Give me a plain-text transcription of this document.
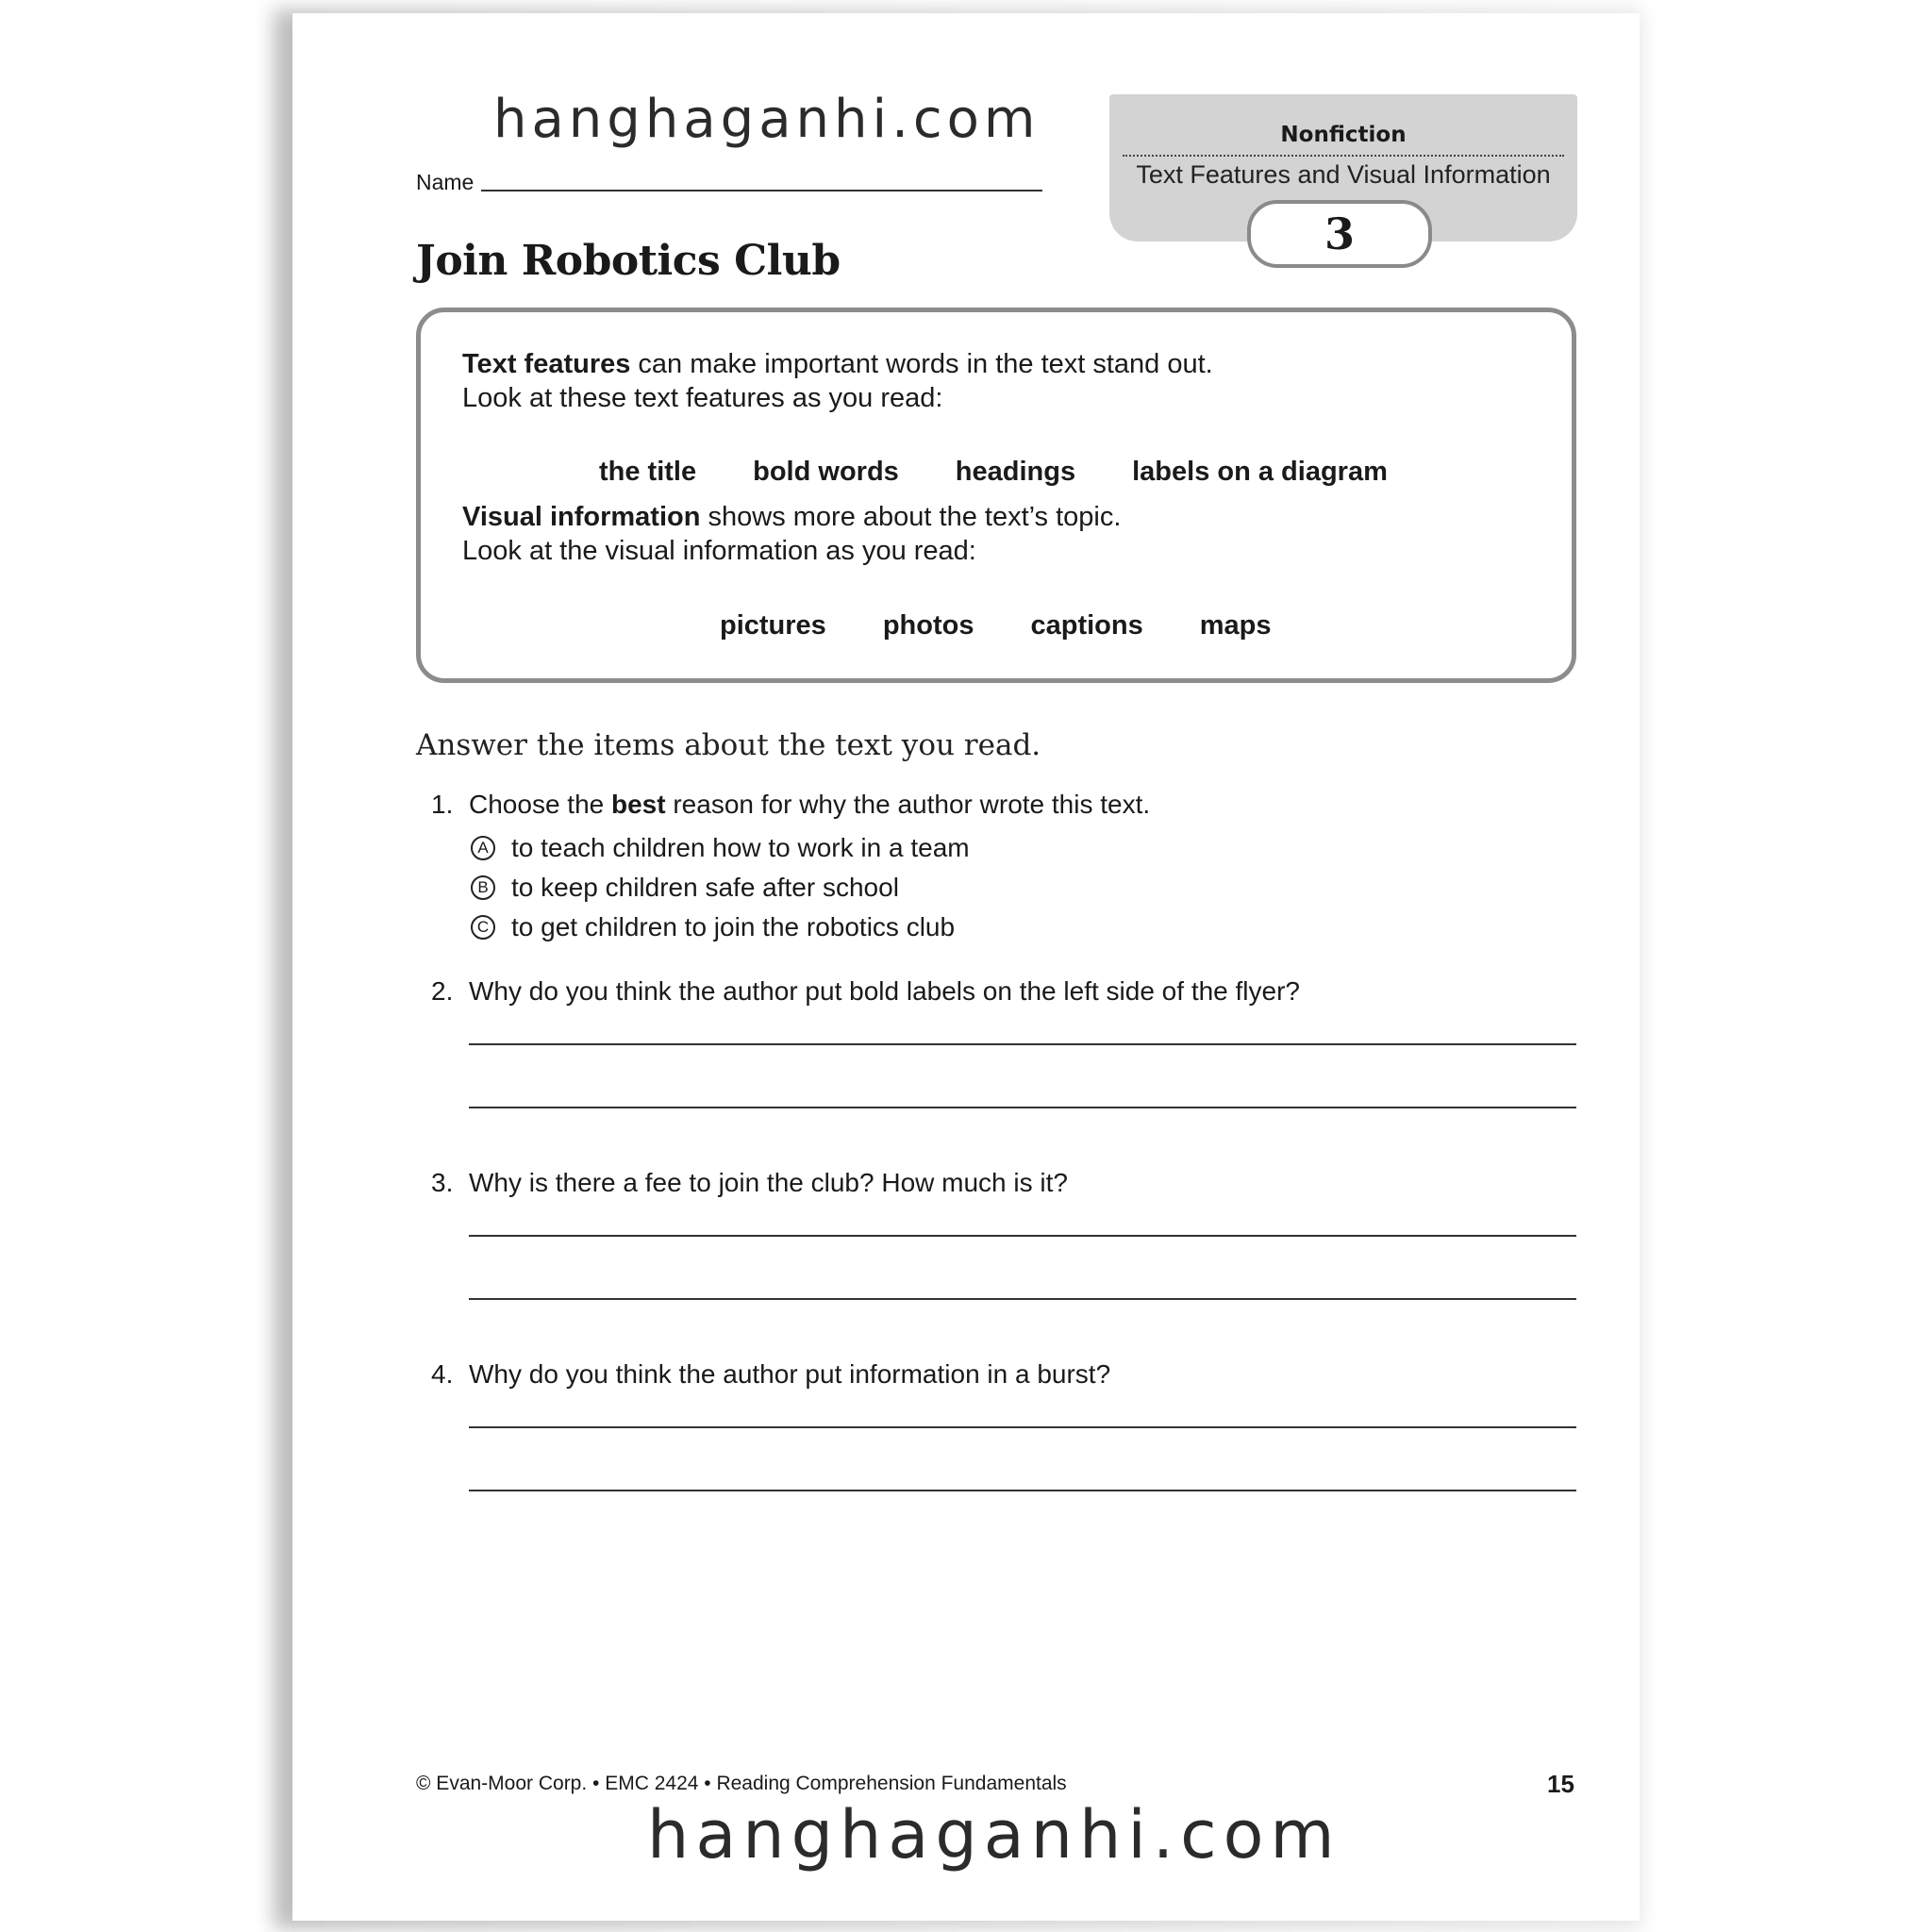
hanghaganhi.com
Name
Join Robotics Club
Nonfiction
Text Features and Visual Information
3
Text features can make important words in the text stand out.
Look at these text features as you read:
the title bold words headings labels on a diagram
Visual information shows more about the text’s topic.
Look at the visual information as you read:
pictures photos captions maps
Answer the items about the text you read.
1. Choose the best reason for why the author wrote this text.
A to teach children how to work in a team
B to keep children safe after school
C to get children to join the robotics club
2. Why do you think the author put bold labels on the left side of the flyer?
3. Why is there a fee to join the club? How much is it?
4. Why do you think the author put information in a burst?
© Evan-Moor Corp. • EMC 2424 • Reading Comprehension Fundamentals	15
hanghaganhi.com
